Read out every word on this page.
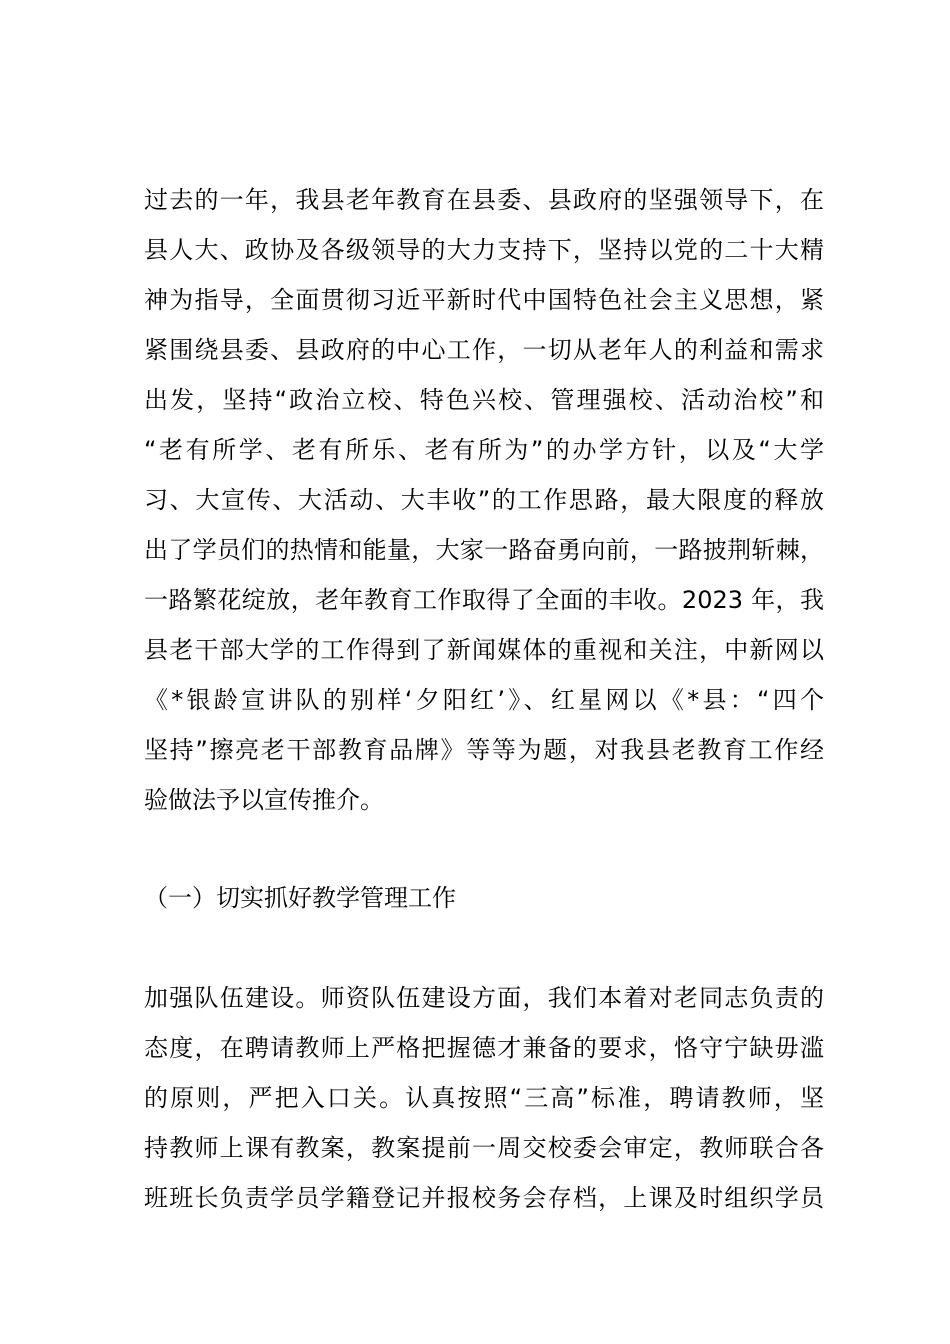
过去的一年，我县老年教育在县委、县政府的坚强领导下，在
县人大、政协及各级领导的大力支持下，坚持以党的二十大精
神为指导，全面贯彻习近平新时代中国特色社会主义思想，紧
紧围绕县委、县政府的中心工作，一切从老年人的利益和需求
出发，坚持“政治立校、特色兴校、管理强校、活动治校”和
“老有所学、老有所乐、老有所为”的办学方针，以及“大学
习、大宣传、大活动、大丰收”的工作思路，最大限度的释放
出了学员们的热情和能量，大家一路奋勇向前，一路披荆斩棘，
一路繁花绽放，老年教育工作取得了全面的丰收。2023 年，我
县老干部大学的工作得到了新闻媒体的重视和关注，中新网以
《*银龄宣讲队的别样‘夕阳红’》、红星网以《*县：“四个
坚持”擦亮老干部教育品牌》等等为题，对我县老教育工作经
验做法予以宣传推介。
（一）切实抓好教学管理工作
加强队伍建设。师资队伍建设方面，我们本着对老同志负责的
态度，在聘请教师上严格把握德才兼备的要求，恪守宁缺毋滥
的原则，严把入口关。认真按照“三高”标准，聘请教师，坚
持教师上课有教案，教案提前一周交校委会审定，教师联合各
班班长负责学员学籍登记并报校务会存档，上课及时组织学员
